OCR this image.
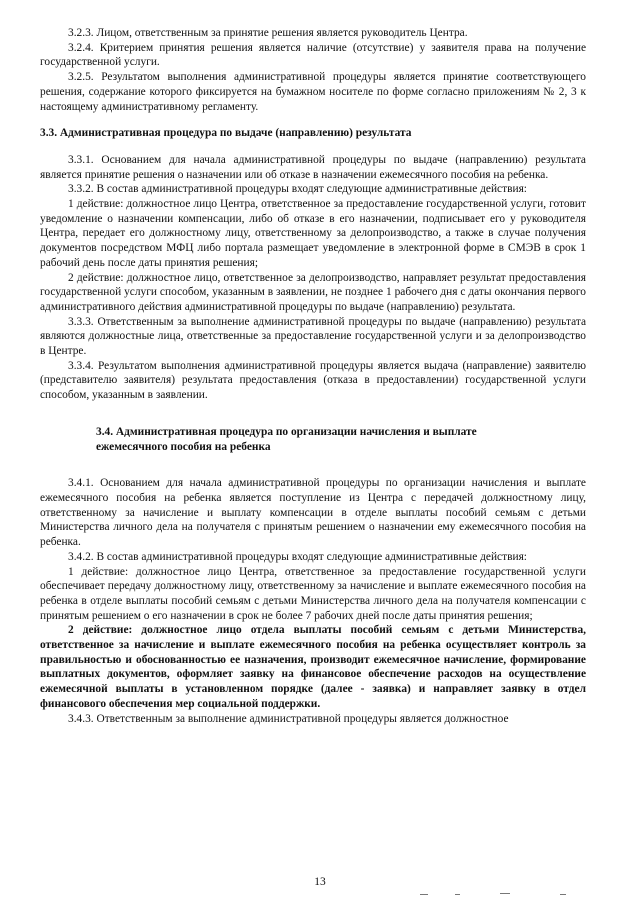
3.2.3. Лицом, ответственным за принятие решения является руководитель Центра.

3.2.4. Критерием принятия решения является наличие (отсутствие) у заявителя права на получение государственной услуги.

3.2.5. Результатом выполнения административной процедуры является принятие соответствующего решения, содержание которого фиксируется на бумажном носителе по форме согласно приложениям № 2, 3 к настоящему административному регламенту.

3.3. Административная процедура по выдаче (направлению) результата

3.3.1. Основанием для начала административной процедуры по выдаче (направлению) результата является принятие решения о назначении или об отказе в назначении ежемесячного пособия на ребенка.

3.3.2. В состав административной процедуры входят следующие административные действия:

1 действие: должностное лицо Центра, ответственное за предоставление государственной услуги, готовит уведомление о назначении компенсации, либо об отказе в его назначении, подписывает его у руководителя Центра, передает его должностному лицу, ответственному за делопроизводство, а также в случае получения документов посредством МФЦ либо портала размещает уведомление в электронной форме в СМЭВ в срок 1 рабочий день после даты принятия решения;

2 действие: должностное лицо, ответственное за делопроизводство, направляет результат предоставления государственной услуги способом, указанным в заявлении, не позднее 1 рабочего дня с даты окончания первого административного действия административной процедуры по выдаче (направлению) результата.

3.3.3. Ответственным за выполнение административной процедуры по выдаче (направлению) результата являются должностные лица, ответственные за предоставление государственной услуги и за делопроизводство в Центре.

3.3.4. Результатом выполнения административной процедуры является выдача (направление) заявителю (представителю заявителя) результата предоставления (отказа в предоставлении) государственной услуги способом, указанным в заявлении.

3.4. Административная процедура по организации начисления и выплате

ежемесячного пособия на ребенка

3.4.1. Основанием для начала административной процедуры по организации начисления и выплате ежемесячного пособия на ребенка является поступление из Центра с передачей должностному лицу, ответственному за начисление и выплату компенсации в отделе выплаты пособий семьям с детьми Министерства личного дела на получателя с принятым решением о назначении ему ежемесячного пособия на ребенка.

3.4.2. В состав административной процедуры входят следующие административные действия:

1 действие: должностное лицо Центра, ответственное за предоставление государственной услуги обеспечивает передачу должностному лицу, ответственному за начисление и выплате ежемесячного пособия на ребенка в отделе выплаты пособий семьям с детьми Министерства личного дела на получателя компенсации с принятым решением о его назначении в срок не более 7 рабочих дней после даты принятия решения;

2 действие: должностное лицо отдела выплаты пособий семьям с детьми Министерства, ответственное за начисление и выплате ежемесячного пособия на ребенка осуществляет контроль за правильностью и обоснованностью ее назначения, производит ежемесячное начисление, формирование выплатных документов, оформляет заявку на финансовое обеспечение расходов на осуществление ежемесячной выплаты в установленном порядке (далее - заявка) и направляет заявку в отдел финансового обеспечения мер социальной поддержки.

3.4.3. Ответственным за выполнение административной процедуры является должностное

13
